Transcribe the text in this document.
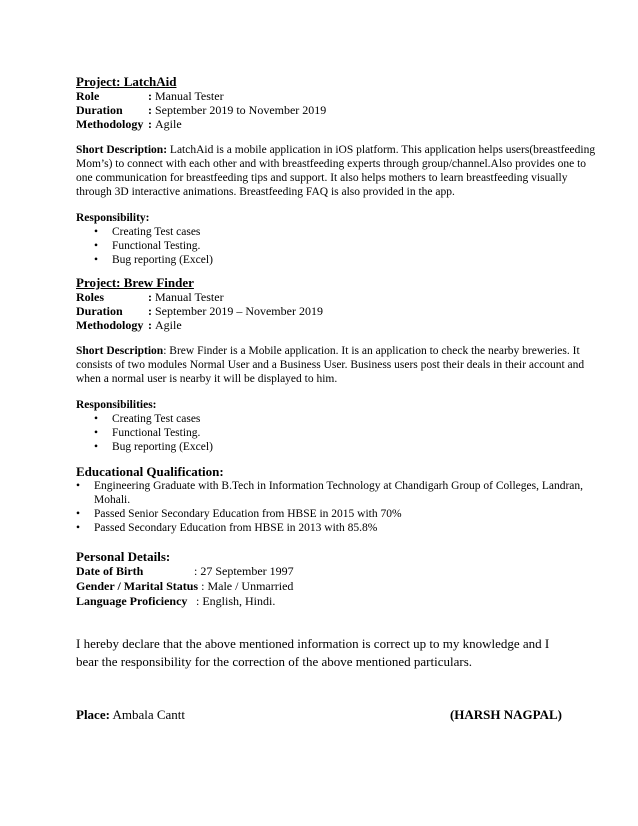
Project: LatchAid
Role	: Manual Tester
Duration	: September 2019 to November 2019
Methodology : Agile
Short Description: LatchAid is a mobile application in iOS platform. This application helps users(breastfeeding Mom’s) to connect with each other and with breastfeeding experts through group/channel.Also provides one to one communication for breastfeeding tips and support. It also helps mothers to learn breastfeeding visually through 3D interactive animations. Breastfeeding FAQ is also provided in the app.
Responsibility:
• Creating Test cases
• Functional Testing.
• Bug reporting (Excel)
Project: Brew Finder
Roles	: Manual Tester
Duration	: September 2019 – November 2019
Methodology : Agile
Short Description: Brew Finder is a Mobile application. It is an application to check the nearby breweries. It consists of two modules Normal User and a Business User. Business users post their deals in their account and when a normal user is nearby it will be displayed to him.
Responsibilities:
• Creating Test cases
• Functional Testing.
• Bug reporting (Excel)
Educational Qualification:
• Engineering Graduate with B.Tech in Information Technology at Chandigarh Group of Colleges, Landran, Mohali.
• Passed Senior Secondary Education from HBSE in 2015 with 70%
• Passed Secondary Education from HBSE in 2013 with 85.8%
Personal Details:
Date of Birth	: 27 September 1997
Gender / Marital Status : Male / Unmarried
Language Proficiency : English, Hindi.
I hereby declare that the above mentioned information is correct up to my knowledge and I bear the responsibility for the correction of the above mentioned particulars.
Place: Ambala Cantt	(HARSH NAGPAL)
